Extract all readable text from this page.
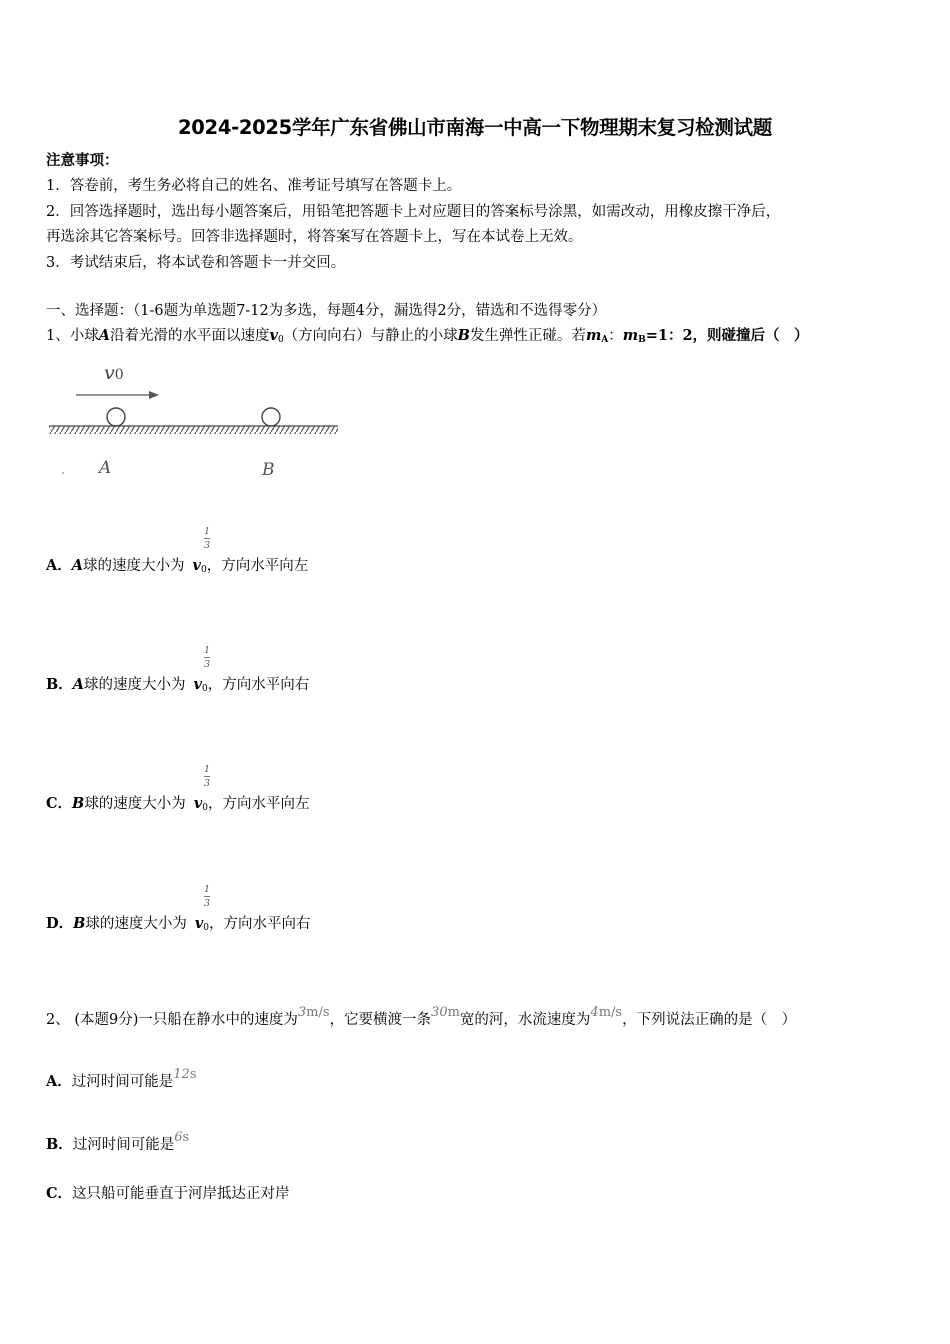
2024-2025学年广东省佛山市南海一中高一下物理期末复习检测试题
注意事项：
1．答卷前，考生务必将自己的姓名、准考证号填写在答题卡上。
2．回答选择题时，选出每小题答案后，用铅笔把答题卡上对应题目的答案标号涂黑，如需改动，用橡皮擦干净后，
再选涂其它答案标号。回答非选择题时，将答案写在答题卡上，写在本试卷上无效。
3．考试结束后，将本试卷和答题卡一并交回。
一、选择题：（1-6题为单选题7-12为多选，每题4分，漏选得2分，错选和不选得零分）
1、小球A沿着光滑的水平面以速度$v_0$（方向向右）与静止的小球B发生弹性正碰。若$m_A$：$m_B=1$：2，则碰撞后（　）
v0
A	B
1
3
A．A球的速度大小为 $v_0$，方向水平向左
1
3
B．A球的速度大小为 $v_0$，方向水平向右
1
3
C．B球的速度大小为 $v_0$，方向水平向左
1
3
D．B球的速度大小为 $v_0$，方向水平向右
2、 (本题9分)一只船在静水中的速度为3m/s，它要横渡一条30m宽的河，水流速度为4m/s，下列说法正确的是（　）
A．过河时间可能是12s
B．过河时间可能是6s
C．这只船可能垂直于河岸抵达正对岸
